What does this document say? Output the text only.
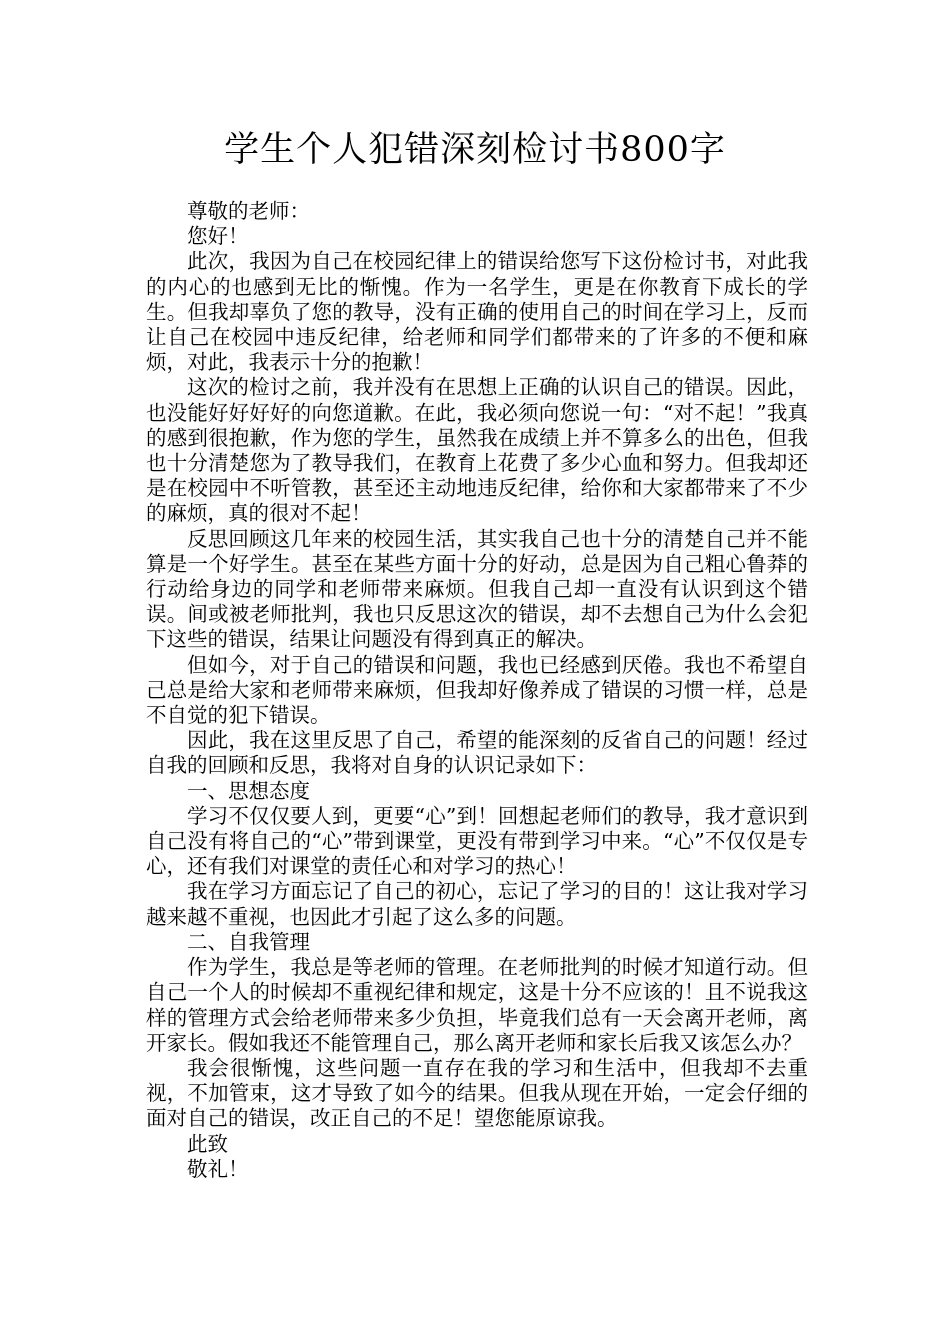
学生个人犯错深刻检讨书800字

尊敬的老师：

您好！

此次，我因为自己在校园纪律上的错误给您写下这份检讨书，对此我的内心的也感到无比的惭愧。作为一名学生，更是在你教育下成长的学生。但我却辜负了您的教导，没有正确的使用自己的时间在学习上，反而让自己在校园中违反纪律，给老师和同学们都带来的了许多的不便和麻烦，对此，我表示十分的抱歉！

这次的检讨之前，我并没有在思想上正确的认识自己的错误。因此，也没能好好好好的向您道歉。在此，我必须向您说一句：“对不起！”我真的感到很抱歉，作为您的学生，虽然我在成绩上并不算多么的出色，但我也十分清楚您为了教导我们，在教育上花费了多少心血和努力。但我却还是在校园中不听管教，甚至还主动地违反纪律，给你和大家都带来了不少的麻烦，真的很对不起！

反思回顾这几年来的校园生活，其实我自己也十分的清楚自己并不能算是一个好学生。甚至在某些方面十分的好动，总是因为自己粗心鲁莽的行动给身边的同学和老师带来麻烦。但我自己却一直没有认识到这个错误。间或被老师批判，我也只反思这次的错误，却不去想自己为什么会犯下这些的错误，结果让问题没有得到真正的解决。

但如今，对于自己的错误和问题，我也已经感到厌倦。我也不希望自己总是给大家和老师带来麻烦，但我却好像养成了错误的习惯一样，总是不自觉的犯下错误。

因此，我在这里反思了自己，希望的能深刻的反省自己的问题！经过自我的回顾和反思，我将对自身的认识记录如下：

一、思想态度

学习不仅仅要人到，更要“心”到！回想起老师们的教导，我才意识到自己没有将自己的“心”带到课堂，更没有带到学习中来。“心”不仅仅是专心，还有我们对课堂的责任心和对学习的热心！

我在学习方面忘记了自己的初心，忘记了学习的目的！这让我对学习越来越不重视，也因此才引起了这么多的问题。

二、自我管理

作为学生，我总是等老师的管理。在老师批判的时候才知道行动。但自己一个人的时候却不重视纪律和规定，这是十分不应该的！且不说我这样的管理方式会给老师带来多少负担，毕竟我们总有一天会离开老师，离开家长。假如我还不能管理自己，那么离开老师和家长后我又该怎么办？

我会很惭愧，这些问题一直存在我的学习和生活中，但我却不去重视，不加管束，这才导致了如今的结果。但我从现在开始，一定会仔细的面对自己的错误，改正自己的不足！望您能原谅我。

此致

敬礼！
